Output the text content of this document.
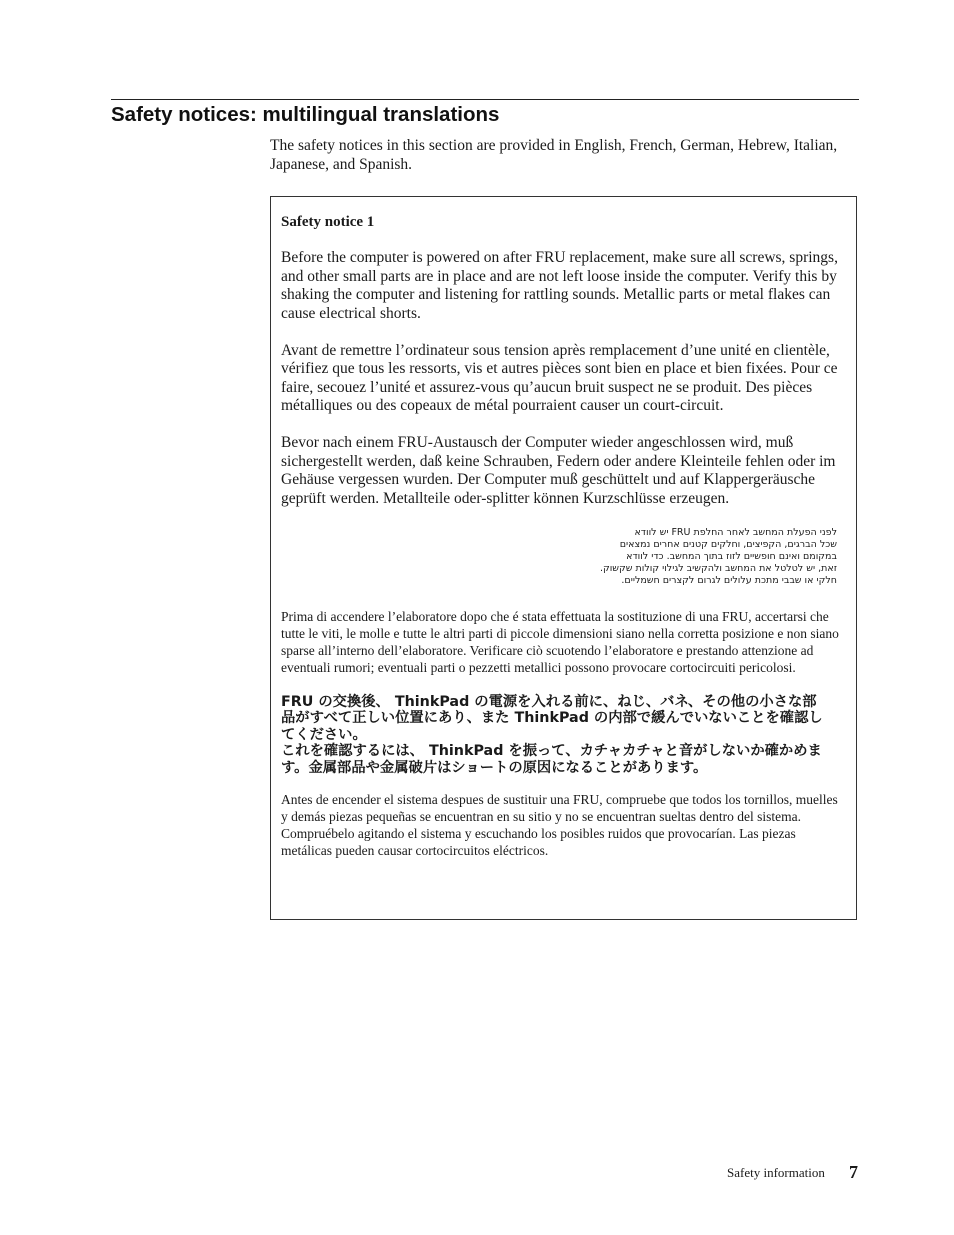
Safety notices: multilingual translations

The safety notices in this section are provided in English, French, German, Hebrew, Italian, Japanese, and Spanish.

Safety notice 1

Before the computer is powered on after FRU replacement, make sure all screws, springs, and other small parts are in place and are not left loose inside the computer. Verify this by shaking the computer and listening for rattling sounds. Metallic parts or metal flakes can cause electrical shorts.

Avant de remettre l’ordinateur sous tension après remplacement d’une unité en clientèle, vérifiez que tous les ressorts, vis et autres pièces sont bien en place et bien fixées. Pour ce faire, secouez l’unité et assurez-vous qu’aucun bruit suspect ne se produit. Des pièces métalliques ou des copeaux de métal pourraient causer un court-circuit.

Bevor nach einem FRU-Austausch der Computer wieder angeschlossen wird, muß sichergestellt werden, daß keine Schrauben, Federn oder andere Kleinteile fehlen oder im Gehäuse vergessen wurden. Der Computer muß geschüttelt und auf Klappergeräusche geprüft werden. Metallteile oder-splitter können Kurzschlüsse erzeugen.

לפני הפעלת המחשב לאחר החלפת FRU יש לוודא
שכל הברגים, הקפיצים, וחלקים קטנים אחרים נמצאים
במקומם ואינם חופשיים לזוז בתוך המחשב. כדי לוודא
זאת, יש לטלטל את המחשב ולהקשיב לגילוי קולות שקשוק.
חלקי או שבבי מתכת עלולים לגרום לקצרים חשמליים.

Prima di accendere l’elaboratore dopo che é stata effettuata la sostituzione di una FRU, accertarsi che tutte le viti, le molle e tutte le altri parti di piccole dimensioni siano nella corretta posizione e non siano sparse all’interno dell’elaboratore. Verificare ciò scuotendo l’elaboratore e prestando attenzione ad eventuali rumori; eventuali parti o pezzetti metallici possono provocare cortocircuiti pericolosi.

FRU の交換後、 ThinkPad の電源を入れる前に、ねじ、バネ、その他の小さな部
品がすべて正しい位置にあり、また ThinkPad の内部で緩んでいないことを確認し
てください。
これを確認するには、 ThinkPad を振って、カチャカチャと音がしないか確かめま
す。金属部品や金属破片はショートの原因になることがあります。

Antes de encender el sistema despues de sustituir una FRU, compruebe que todos los tornillos, muelles y demás piezas pequeñas se encuentran en su sitio y no se encuentran sueltas dentro del sistema. Compruébelo agitando el sistema y escuchando los posibles ruidos que provocarían. Las piezas metálicas pueden causar cortocircuitos eléctricos.

Safety information 7
